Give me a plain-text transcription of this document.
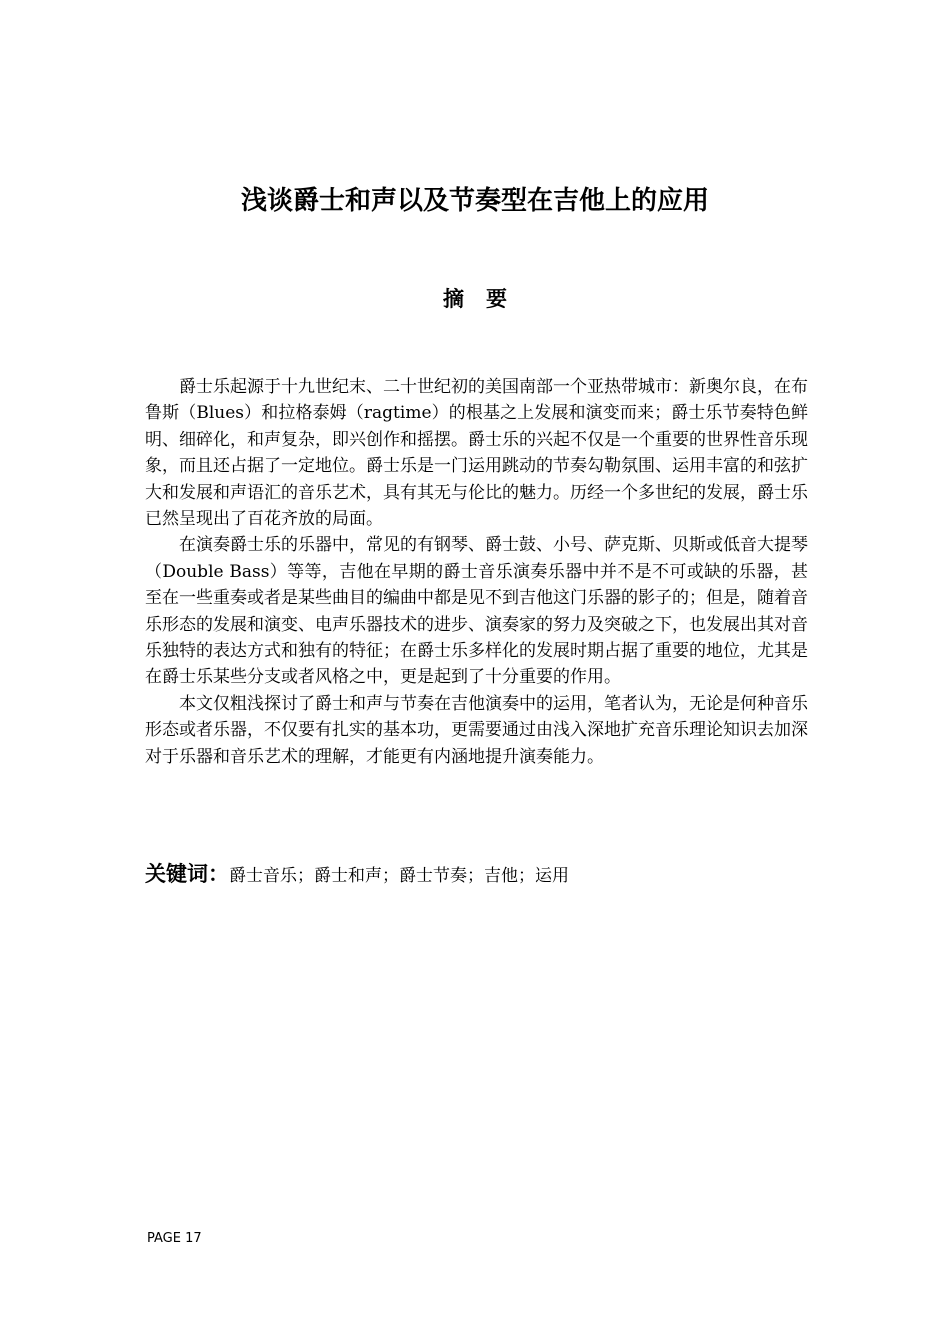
浅谈爵士和声以及节奏型在吉他上的应用
摘要

爵士乐起源于十九世纪末、二十世纪初的美国南部一个亚热带城市：新奥尔良，在布鲁斯（Blues）和拉格泰姆（ragtime）的根基之上发展和演变而来；爵士乐节奏特色鲜明、细碎化，和声复杂，即兴创作和摇摆。爵士乐的兴起不仅是一个重要的世界性音乐现象，而且还占据了一定地位。爵士乐是一门运用跳动的节奏勾勒氛围、运用丰富的和弦扩大和发展和声语汇的音乐艺术，具有其无与伦比的魅力。历经一个多世纪的发展，爵士乐已然呈现出了百花齐放的局面。

在演奏爵士乐的乐器中，常见的有钢琴、爵士鼓、小号、萨克斯、贝斯或低音大提琴（Double Bass）等等，吉他在早期的爵士音乐演奏乐器中并不是不可或缺的乐器，甚至在一些重奏或者是某些曲目的编曲中都是见不到吉他这门乐器的影子的；但是，随着音乐形态的发展和演变、电声乐器技术的进步、演奏家的努力及突破之下，也发展出其对音乐独特的表达方式和独有的特征；在爵士乐多样化的发展时期占据了重要的地位，尤其是在爵士乐某些分支或者风格之中，更是起到了十分重要的作用。

本文仅粗浅探讨了爵士和声与节奏在吉他演奏中的运用，笔者认为，无论是何种音乐形态或者乐器，不仅要有扎实的基本功，更需要通过由浅入深地扩充音乐理论知识去加深对于乐器和音乐艺术的理解，才能更有内涵地提升演奏能力。

关键词：爵士音乐；爵士和声；爵士节奏；吉他；运用
PAGE 17
